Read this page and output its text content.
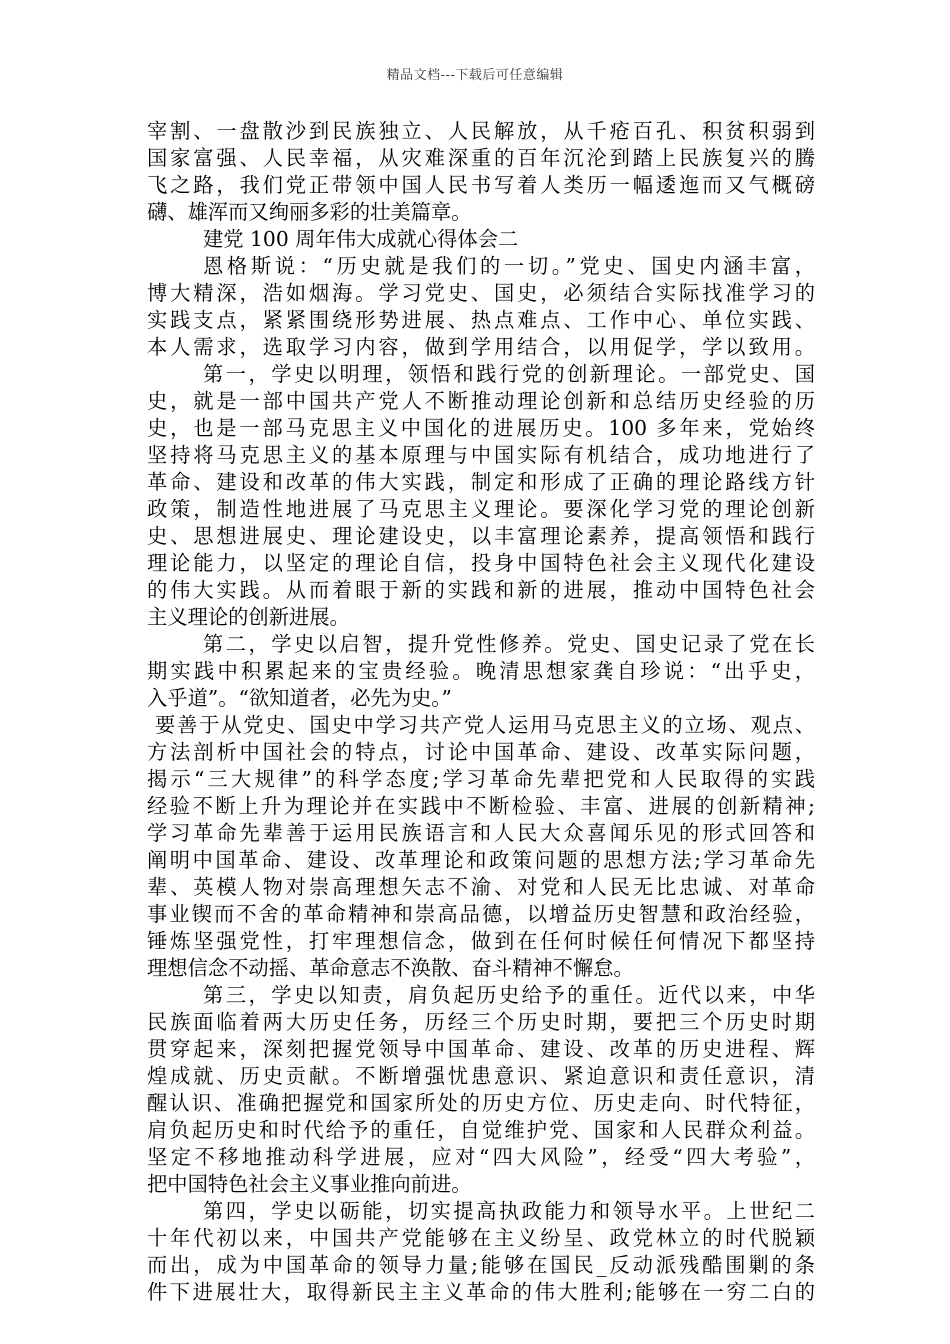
精品文档---下载后可任意编辑
宰割、一盘散沙到民族独立、人民解放，从千疮百孔、积贫积弱到
国家富强、人民幸福，从灾难深重的百年沉沦到踏上民族复兴的腾
飞之路，我们党正带领中国人民书写着人类历一幅逶迤而又气概磅
礴、雄浑而又绚丽多彩的壮美篇章。
建党 100 周年伟大成就心得体会二
恩格斯说：“历史就是我们的一切。”党史、国史内涵丰富，
博大精深，浩如烟海。学习党史、国史，必须结合实际找准学习的
实践支点，紧紧围绕形势进展、热点难点、工作中心、单位实践、
本人需求，选取学习内容，做到学用结合，以用促学，学以致用。
第一，学史以明理，领悟和践行党的创新理论。一部党史、国
史，就是一部中国共产党人不断推动理论创新和总结历史经验的历
史，也是一部马克思主义中国化的进展历史。100 多年来，党始终
坚持将马克思主义的基本原理与中国实际有机结合，成功地进行了
革命、建设和改革的伟大实践，制定和形成了正确的理论路线方针
政策，制造性地进展了马克思主义理论。要深化学习党的理论创新
史、思想进展史、理论建设史，以丰富理论素养，提高领悟和践行
理论能力，以坚定的理论自信，投身中国特色社会主义现代化建设
的伟大实践。从而着眼于新的实践和新的进展，推动中国特色社会
主义理论的创新进展。
第二，学史以启智，提升党性修养。党史、国史记录了党在长
期实践中积累起来的宝贵经验。晚清思想家龚自珍说：“出乎史，
入乎道”。“欲知道者，必先为史。”
要善于从党史、国史中学习共产党人运用马克思主义的立场、观点、
方法剖析中国社会的特点，讨论中国革命、建设、改革实际问题，
揭示“三大规律”的科学态度;学习革命先辈把党和人民取得的实践
经验不断上升为理论并在实践中不断检验、丰富、进展的创新精神;
学习革命先辈善于运用民族语言和人民大众喜闻乐见的形式回答和
阐明中国革命、建设、改革理论和政策问题的思想方法;学习革命先
辈、英模人物对崇高理想矢志不渝、对党和人民无比忠诚、对革命
事业锲而不舍的革命精神和崇高品德，以增益历史智慧和政治经验，
锤炼坚强党性，打牢理想信念，做到在任何时候任何情况下都坚持
理想信念不动摇、革命意志不涣散、奋斗精神不懈怠。
第三，学史以知责，肩负起历史给予的重任。近代以来，中华
民族面临着两大历史任务，历经三个历史时期，要把三个历史时期
贯穿起来，深刻把握党领导中国革命、建设、改革的历史进程、辉
煌成就、历史贡献。不断增强忧患意识、紧迫意识和责任意识，清
醒认识、准确把握党和国家所处的历史方位、历史走向、时代特征，
肩负起历史和时代给予的重任，自觉维护党、国家和人民群众利益。
坚定不移地推动科学进展，应对“四大风险”，经受“四大考验”，
把中国特色社会主义事业推向前进。
第四，学史以砺能，切实提高执政能力和领导水平。上世纪二
十年代初以来，中国共产党能够在主义纷呈、政党林立的时代脱颖
而出，成为中国革命的领导力量;能够在国民_反动派残酷围剿的条
件下进展壮大，取得新民主主义革命的伟大胜利;能够在一穷二白的
